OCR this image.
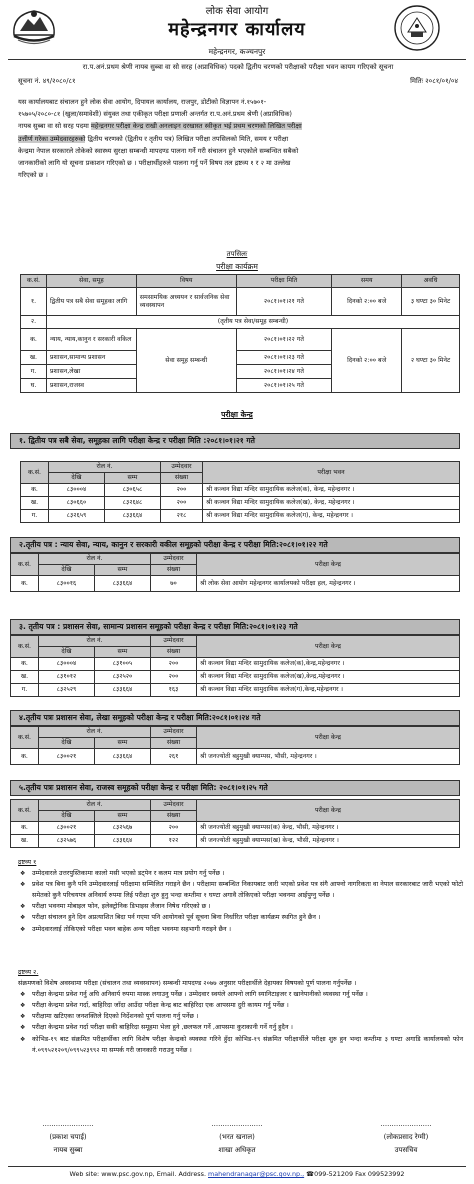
लोक सेवा आयोग
महेन्द्रनगर कार्यालय
महेन्द्रनगर, कञ्चनपुर
रा.प.अनं.प्रथम श्रेणी नायब सुब्बा वा सो सरह (अप्राविधिक) पदको द्वितीय चरणको परीक्षाको परीक्षा भवन कायम गरिएको सूचना
सूचना नं. ४९/२०८०/८१	मितिः २०८१/०१/०४
यस कार्यालयबाट संचालन हुने लोक सेवा आयोग, दिपायल कार्यालय, राजपुर, डोटीको विज्ञापन नं.१५७०१-
१५७०५/२०८०-८१ (खुला/समावेशी) संयुक्त तथा एकीकृत परीक्षा प्रणाली अन्तर्गत रा.प.अनं.प्रथम श्रेणी (अप्राविधिक)
नायब सुब्बा वा सो सरह पदमा महेन्द्रनगर परीक्षा केन्द्र राखी अनलाइन दरखास्त स्वीकृत भई प्रथम चरणको लिखित परीक्षा
उत्तीर्ण गरेका उम्मेदवारहरुको द्वितीय चरणको (द्वितीय र तृतीय पत्र) लिखित परीक्षा तपसिलको मिति, समय र परीक्षा
केन्द्रमा नेपाल सरकारले तोकेको स्वास्थ्य सुरक्षा सम्बन्धी मापदण्ड पालना गर्ने गरी संचालन हुने भएकोले सम्बन्धित सबैको
जानकारीको लागि यो सूचना प्रकाशन गरिएको छ । परीक्षार्थीहरुले पालना गर्नु पर्ने विषय तल द्रष्टव्य १ र २ मा उल्लेख
गरिएको छ ।
तपसिलः
परीक्षा कार्यक्रम
क.सं.	सेवा, समूह	विषय	परीक्षा मिति	समय	अवधि
१.	द्वितीय पत्र सबै सेवा समूहका लागि	समसामयिक अध्ययन र सार्वजनिक सेवा व्यवस्थापन	२०८१।०१।२१ गते	दिनको २:०० बजे	३ घण्टा ३० मिनेट
२.	(तृतीय पत्र सेवा/समूह सम्बन्धी)				
क.	न्याय, न्याय,कानुन र सरकारी वकिल	सेवा समूह सम्बन्धी	२०८१।०१।२२ गते	दिनको २:०० बजे	२ घण्टा ३० मिनेट
ख.	प्रशासन,सामान्य प्रशासन		२०८१।०१।२३ गते		
ग.	प्रशासन,लेखा		२०८१।०१।२४ गते		
घ.	प्रशासन,राजस्व		२०८१।०१।२५ गते		
परीक्षा केन्द्र
१. द्वितीय पत्र सबै सेवा, समूहका लागि परीक्षा केन्द्र र परीक्षा मिति :२०८१।०१।२१ गते
क.सं.	रोल नं.		उम्मेदवार	परीक्षा भवन
	देखि	सम्म	संख्या	
क.	८३०००४	८३०६५८	२००	श्री कञ्चन विद्या मन्दिर सामुदायिक कलेज(क), केन्द्र, महेन्द्रनगर ।
ख.	८३०६६०	८३२६४८	२००	श्री कञ्चन विद्या मन्दिर सामुदायिक कलेज(ख), केन्द्र, महेन्द्रनगर ।
ग.	८३२६५९	८३३६६४	२१८	श्री कञ्चन विद्या मन्दिर सामुदायिक कलेज(ग), केन्द्र, महेन्द्रनगर ।
२.तृतीय पत्र : न्याय सेवा, न्याय, कानुन र सरकारी वकील समूहको परीक्षा केन्द्र र परीक्षा मिति:२०८१।०१।२२ गते
क.सं.	रोल नं.		उम्मेदवार	परीक्षा केन्द्र
	देखि	सम्म	संख्या	
क.	८३००१६	८३३६६४	७०	श्री लोक सेवा आयोग महेन्द्रनगर कार्यालयको परीक्षा हल, महेन्द्रनगर ।
३. तृतीय पत्र : प्रशासन सेवा, सामान्य प्रशासन समूहको परीक्षा केन्द्र र परीक्षा मिति:२०८१।०१।२३ गते
क.सं.	रोल नं.		उम्मेदवार	परीक्षा केन्द्र
	देखि	सम्म	संख्या	
क.	८३०००४	८३१००५	२००	श्री कञ्चन विद्या मन्दिर सामुदायिक कलेज(क),केन्द्र,महेन्द्रनगर ।
ख.	८३१०१२	८३२५२०	२००	श्री कञ्चन विद्या मन्दिर सामुदायिक कलेज(ख),केन्द्र,महेन्द्रनगर ।
ग.	८३२५२९	८३३६६४	१६३	श्री कञ्चन विद्या मन्दिर सामुदायिक कलेज(ग),केन्द्र,महेन्द्रनगर ।
४.तृतीय पत्रः प्रशासन सेवा, लेखा समूहको परीक्षा केन्द्र र परीक्षा मिति:२०८१।०१।२४ गते
क.सं.	रोल नं.		उम्मेदवार	परीक्षा केन्द्र
	देखि	सम्म	संख्या	
क.	८३००२१	८३३६६४	२६१	श्री जनज्योती बहुमुखी क्याम्पस, भौसी, महेन्द्रनगर ।
५.तृतीय पत्रः प्रशासन सेवा, राजस्व समूहको परीक्षा केन्द्र र परीक्षा मिति: २०८१।०१।२५ गते
क.सं.	रोल नं.		उम्मेदवार	परीक्षा केन्द्र
	देखि	सम्म	संख्या	
क.	८३००२१	८३२५६७	२००	श्री जनज्योती बहुमुखी क्याम्पस(क) केन्द्र, भौसी, महेन्द्रनगर ।
ख.	८३२५७६	८३३६६४	१२२	श्री जनज्योती बहुमुखी क्याम्पस(ख) केन्द्र, भौसी, महेन्द्रनगर ।
द्रष्टव्य १
❖ उम्मेदवारले उत्तरपुस्तिकामा कालो मसी भएको डट्पेन र कलम मात्र प्रयोग गर्नु पर्नेछ ।
❖ प्रवेश पत्र बिना कुनै पनि उम्मेदवारलाई परीक्षामा सम्मिलित गराइने छैन । परीक्षामा सम्बन्धित निकायबाट जारी भएको प्रवेश पत्र संगै आफ्नो नागरिकता वा नेपाल सरकारबाट जारी भएको फोटो समेतको कुनै परिचयपत्र अनिवार्य रुपमा लिई परीक्षा शुरु हुनु भन्दा कम्तीमा १ घण्टा अगावै तोकिएको परीक्षा भवनमा आईपुग्नु पर्नेछ ।
❖ परीक्षा भवनमा मोबाइल फोन, इलेक्ट्रोनिक डिभाइस लैजान निषेध गरिएको छ ।
❖ परीक्षा संचालन हुने दिन अप्रत्याशित बिदा पर्न गएमा पनि आयोगको पूर्व सूचना बिना निर्धारित परीक्षा कार्यक्रम स्थगित हुने छैन ।
❖ उम्मेदवारलाई तोकिएको परीक्षा भवन बाहेक अन्य परीक्षा भवनमा सहभागी गराइने छैन ।
द्रष्टव्य २.
संक्रमणको विशेष अवस्थामा परीक्षा (संचालन तथा व्यवस्थापन) सम्बन्धी मापदण्ड २०७७ अनुसार परीक्षार्थीले देहायका विषयको पूर्ण पालना गर्नुपर्नेछ ।
❖ परीक्षा केन्द्रमा प्रवेश गर्नु अघि अनिवार्य रुपमा मास्क लगाउनु पर्नेछ । उम्मेदवार स्वयंले आफ्नो लागि स्यानिटाइजर र खानेपानीको व्यवस्था गर्नु पर्नेछ ।
❖ परीक्षा केन्द्रमा प्रवेश गर्दा, बाहिरिदा जाँदा आउँदा परीक्षा केन्द्र बाट बाहिरिदा एक आपसमा दुरी कायम गर्नु पर्नेछ ।
❖ परीक्षामा खटिएका जनशक्तिले दिएको निर्देशनको पूर्ण पालना गर्नु पर्नेछ ।
❖ परीक्षा केन्द्रमा प्रवेश गर्दा परीक्षा सकी बाहिरिदा समूहमा भेला हुने ,छलफल गर्ने ,आपसमा कुराकानी गर्ने गर्नु हुदैन ।
❖ कोभिड-१९ बाट संक्रमित परीक्षार्थीका लागि विशेष परीक्षा केन्द्रको व्यवस्था गरिने हुँदा कोभिड-१९ संक्रमित परीक्षार्थीले परीक्षा शुरु हुन भन्दा कम्तीमा ३ घण्टा अगाडि कार्यालयको फोन नं.०९९५२१२०९/०९९५२३९९२ मा सम्पर्क गरी जानकारी गराउनु पर्नेछ ।
.......................
(प्रकाश चपाई)
नायब सुब्बा
.......................
(भरत खनाल)
शाखा अधिकृत
.......................
(लोकप्रसाद रेग्मी)
उपसचिव
Web site: www.psc.gov.np, Email. Address. mahendranagar@psc.gov.np., ☎099-521209 Fax 099523992
